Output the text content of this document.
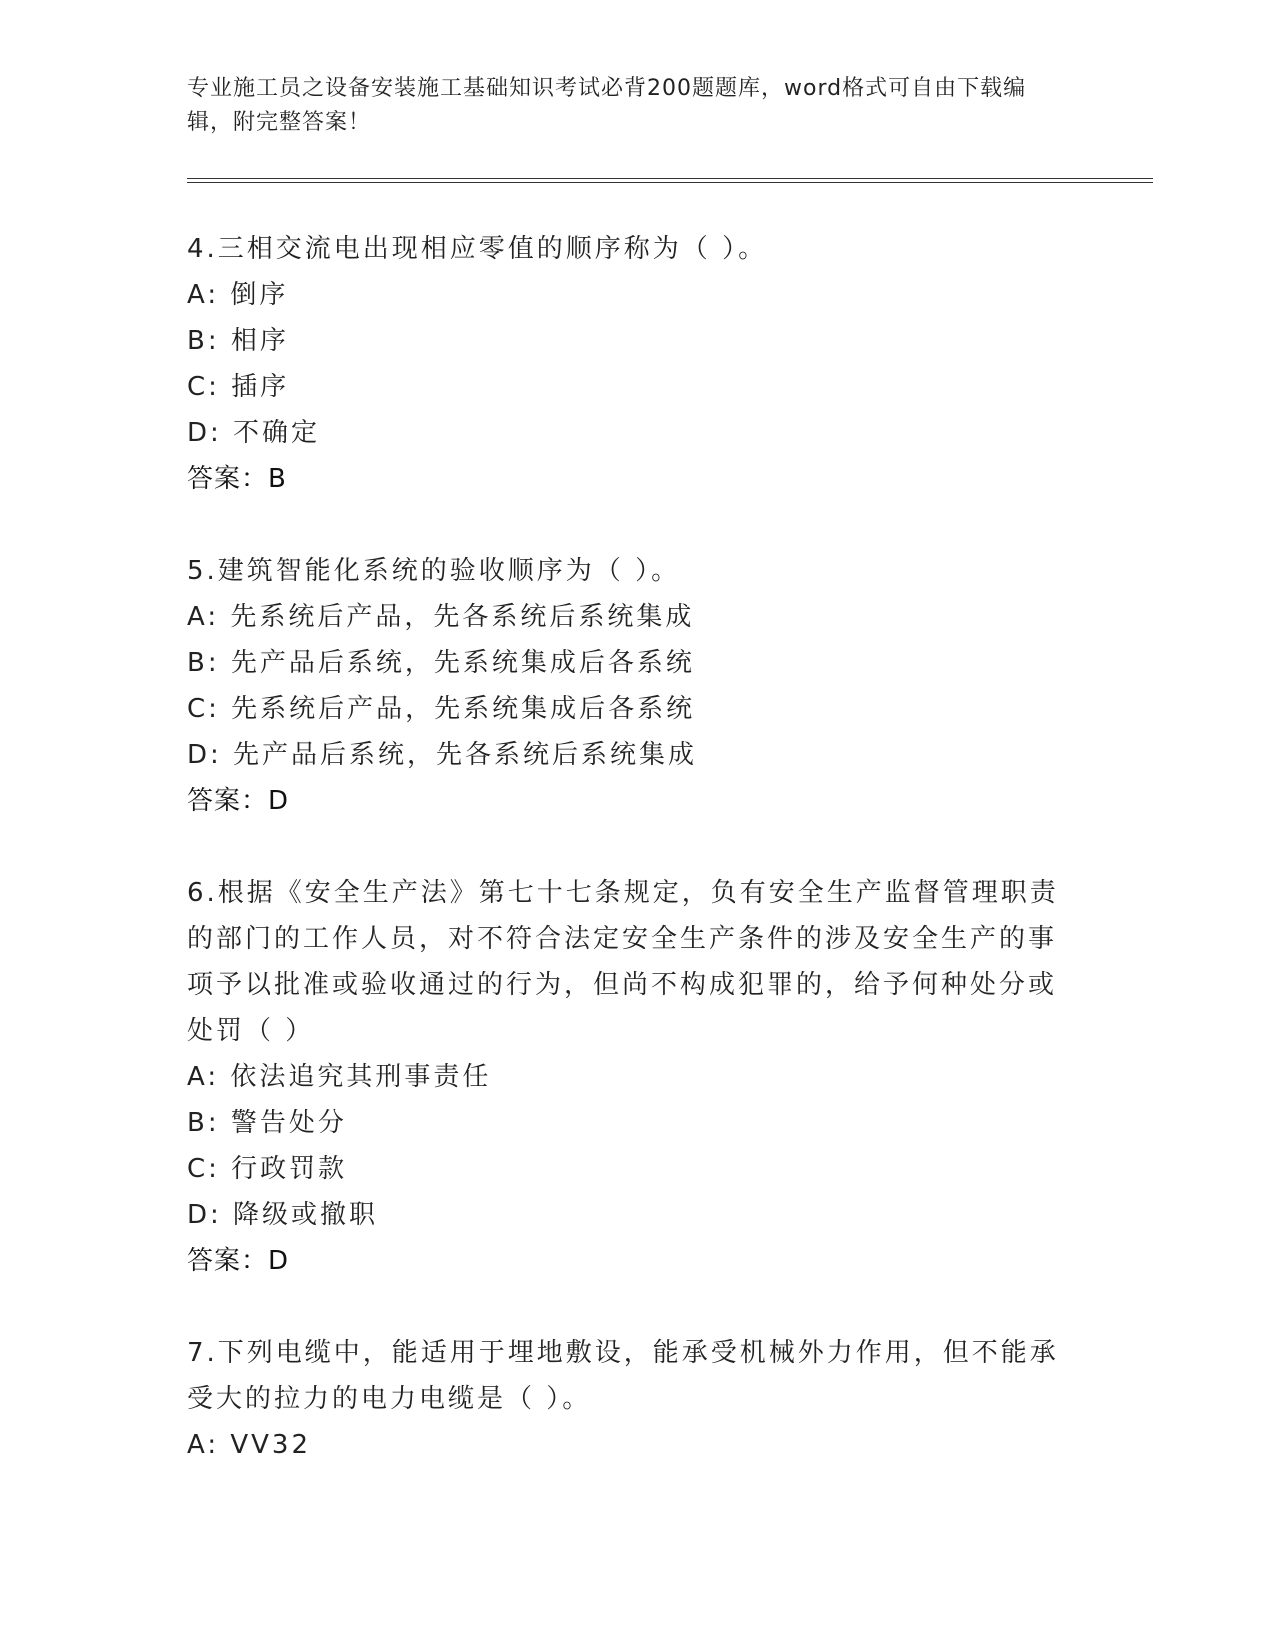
专业施工员之设备安装施工基础知识考试必背200题题库，word格式可自由下载编辑，附完整答案！
4.三相交流电出现相应零值的顺序称为（ ）。
A: 倒序
B: 相序
C: 插序
D: 不确定
答案：B
5.建筑智能化系统的验收顺序为（ ）。
A: 先系统后产品，先各系统后系统集成
B: 先产品后系统，先系统集成后各系统
C: 先系统后产品，先系统集成后各系统
D: 先产品后系统，先各系统后系统集成
答案：D
6.根据《安全生产法》第七十七条规定，负有安全生产监督管理职责的部门的工作人员，对不符合法定安全生产条件的涉及安全生产的事项予以批准或验收通过的行为，但尚不构成犯罪的，给予何种处分或处罚（ ）
A: 依法追究其刑事责任
B: 警告处分
C: 行政罚款
D: 降级或撤职
答案：D
7.下列电缆中，能适用于埋地敷设，能承受机械外力作用，但不能承受大的拉力的电力电缆是（ ）。
A: VV32
